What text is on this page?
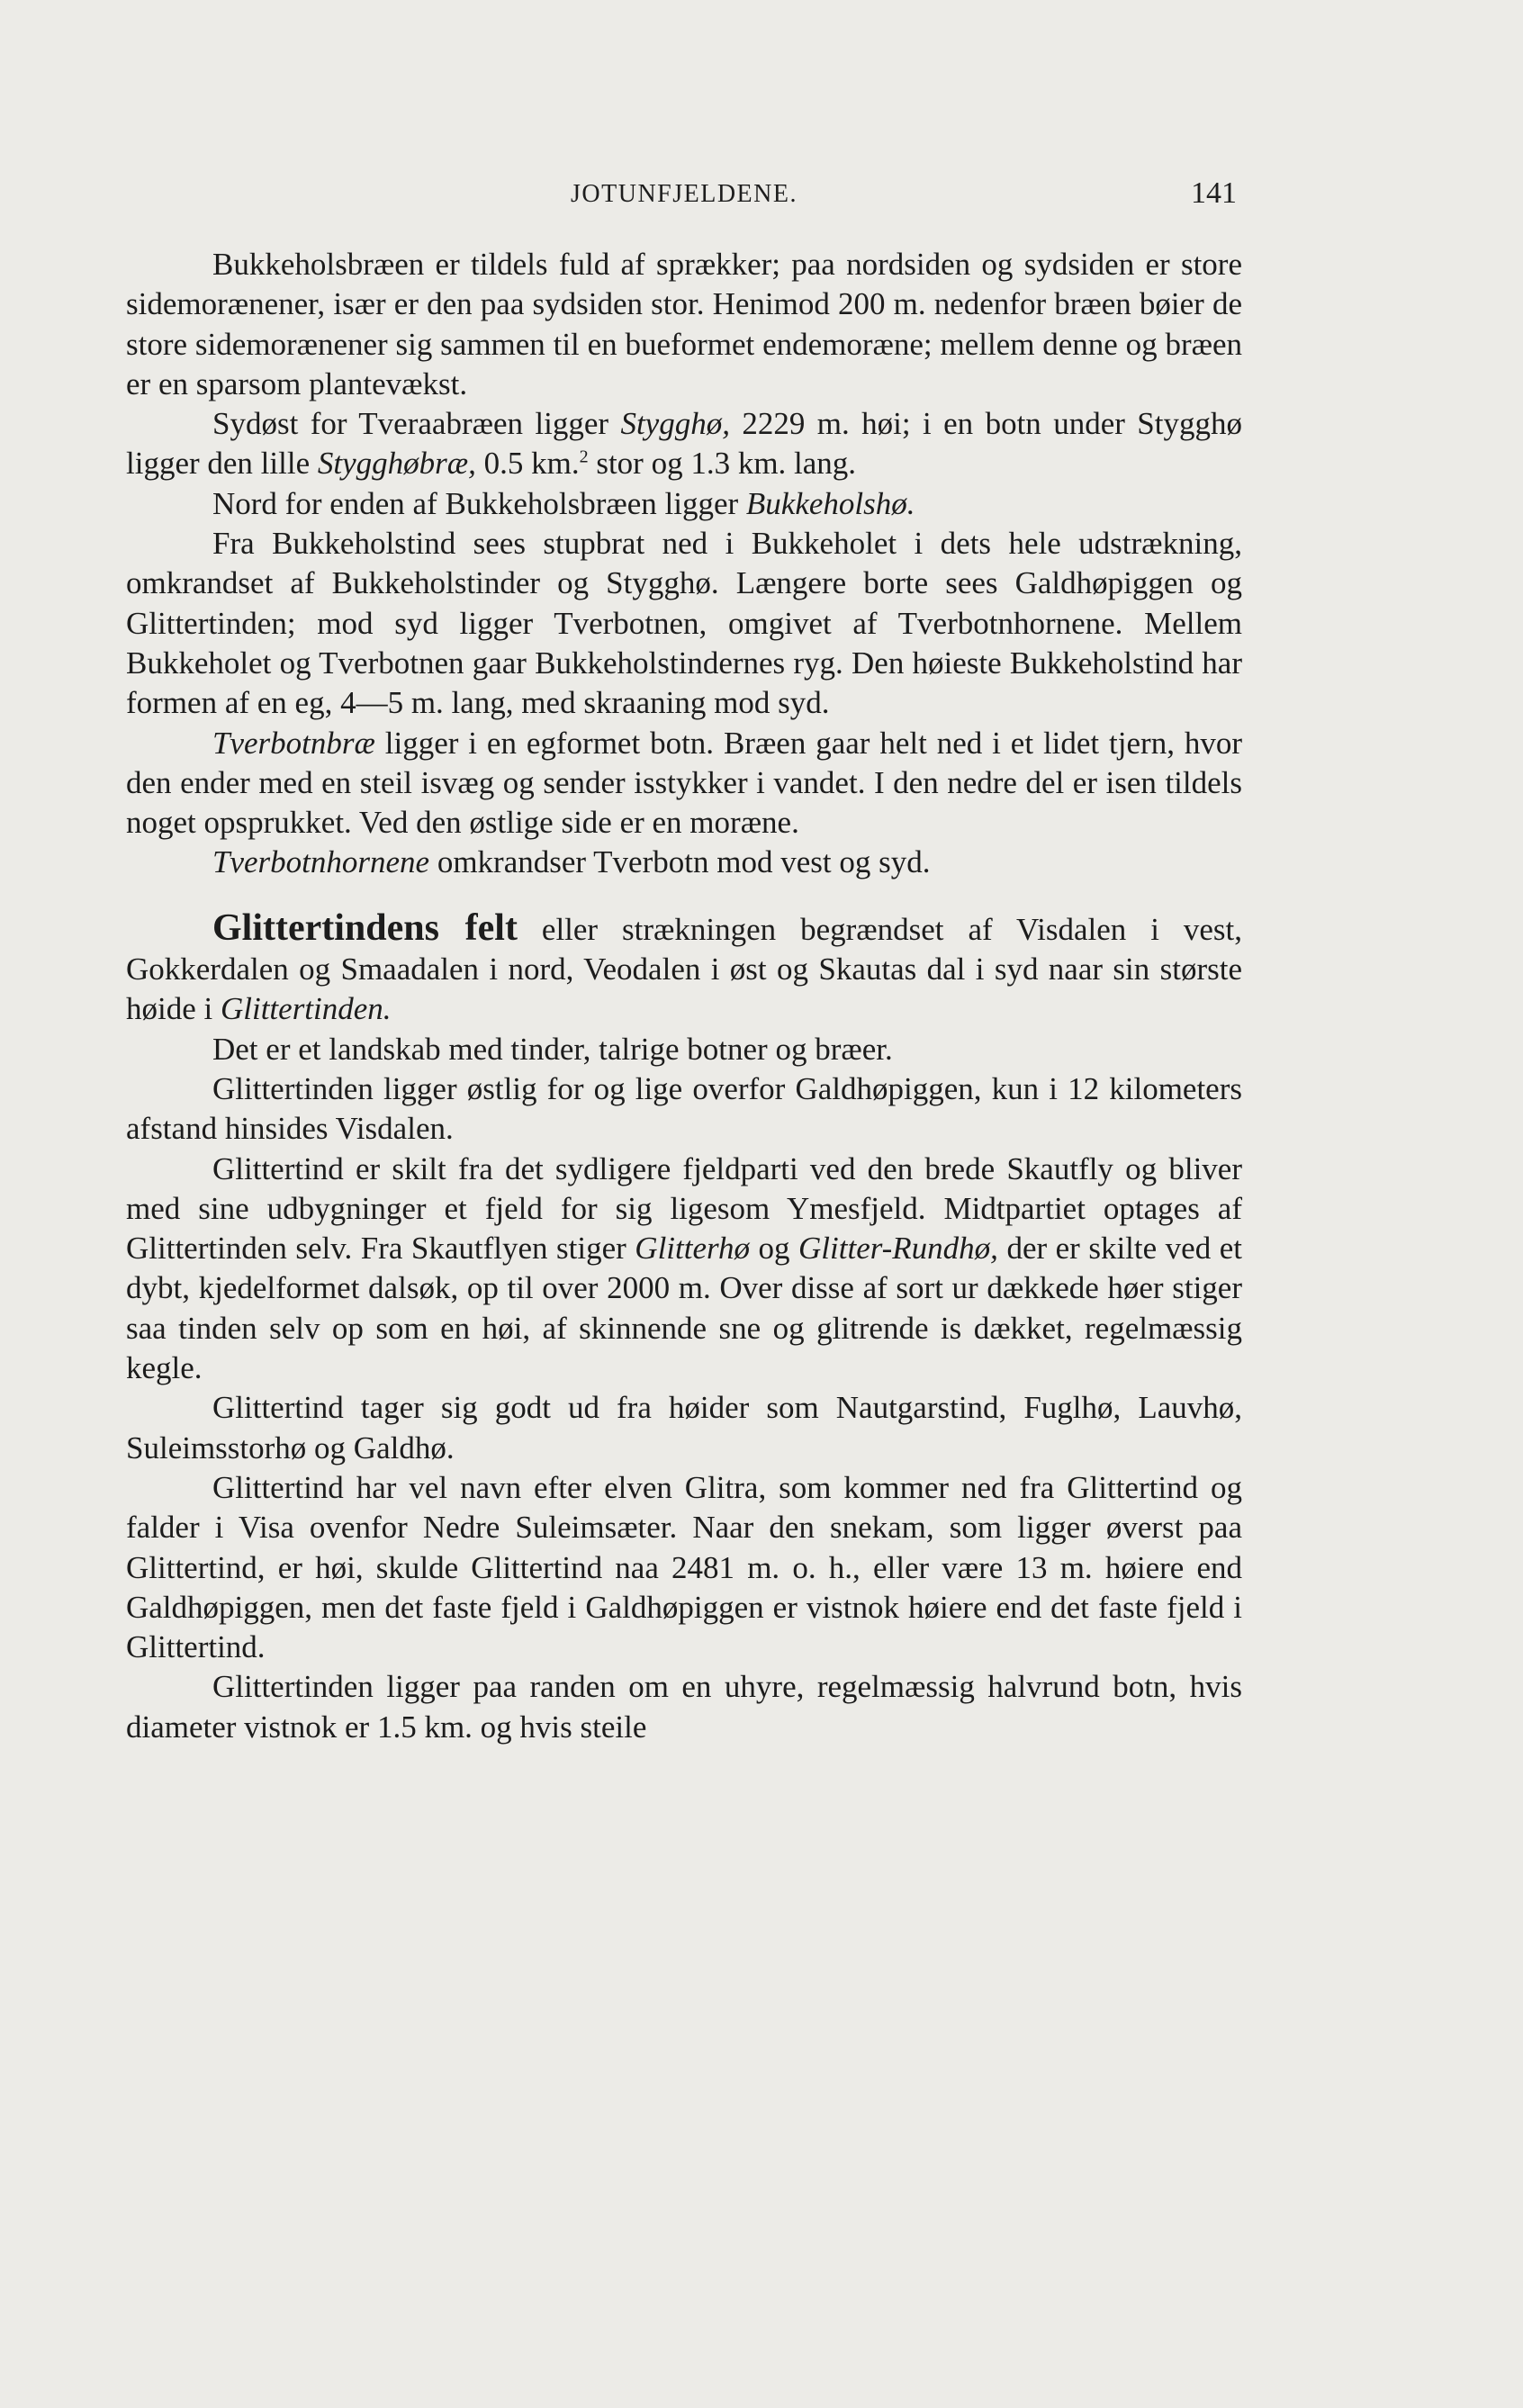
JOTUNFJELDENE.	141

Bukkeholsbræen er tildels fuld af sprækker; paa nordsiden og sydsiden er store sidemorænener, især er den paa sydsiden stor. Henimod 200 m. nedenfor bræen bøier de store sidemorænener sig sammen til en bueformet endemoræne; mellem denne og bræen er en sparsom plantevækst.

Sydøst for Tveraabræen ligger Stygghø, 2229 m. høi; i en botn under Stygghø ligger den lille Stygghøbræ, 0.5 km.$^2$ stor og 1.3 km. lang.

Nord for enden af Bukkeholsbræen ligger Bukkeholshø.

Fra Bukkeholstind sees stupbrat ned i Bukkeholet i dets hele udstrækning, omkrandset af Bukkeholstinder og Stygghø. Længere borte sees Galdhøpiggen og Glittertinden; mod syd ligger Tverbotnen, omgivet af Tverbotnhornene. Mellem Bukkeholet og Tverbotnen gaar Bukkeholstindernes ryg. Den høieste Bukkeholstind har formen af en eg, 4—5 m. lang, med skraaning mod syd.

Tverbotnbræ ligger i en egformet botn. Bræen gaar helt ned i et lidet tjern, hvor den ender med en steil isvæg og sender isstykker i vandet. I den nedre del er isen tildels noget opsprukket. Ved den østlige side er en moræne.

Tverbotnhornene omkrandser Tverbotn mod vest og syd.

Glittertindens felt eller strækningen begrændset af Visdalen i vest, Gokkerdalen og Smaadalen i nord, Veodalen i øst og Skautas dal i syd naar sin største høide i Glittertinden.

Det er et landskab med tinder, talrige botner og bræer.

Glittertinden ligger østlig for og lige overfor Galdhøpiggen, kun i 12 kilometers afstand hinsides Visdalen.

Glittertind er skilt fra det sydligere fjeldparti ved den brede Skautfly og bliver med sine udbygninger et fjeld for sig ligesom Ymesfjeld. Midtpartiet optages af Glittertinden selv. Fra Skautflyen stiger Glitterhø og Glitter-Rundhø, der er skilte ved et dybt, kjedelformet dalsøk, op til over 2000 m. Over disse af sort ur dækkede høer stiger saa tinden selv op som en høi, af skinnende sne og glitrende is dækket, regelmæssig kegle.

Glittertind tager sig godt ud fra høider som Nautgarstind, Fuglhø, Lauvhø, Suleimsstorhø og Galdhø.

Glittertind har vel navn efter elven Glitra, som kommer ned fra Glittertind og falder i Visa ovenfor Nedre Suleimsæter. Naar den snekam, som ligger øverst paa Glittertind, er høi, skulde Glittertind naa 2481 m. o. h., eller være 13 m. høiere end Galdhøpiggen, men det faste fjeld i Galdhøpiggen er vistnok høiere end det faste fjeld i Glittertind.

Glittertinden ligger paa randen om en uhyre, regelmæssig halvrund botn, hvis diameter vistnok er 1.5 km. og hvis steile
